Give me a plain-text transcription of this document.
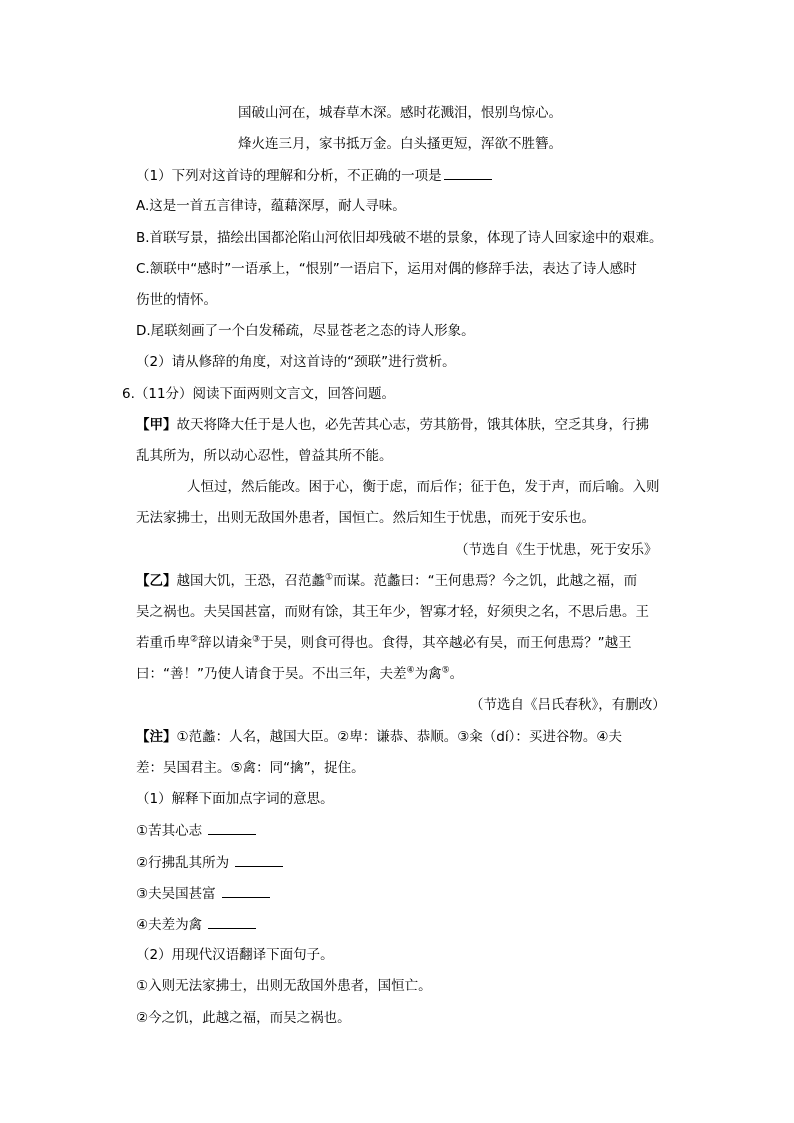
国破山河在，城春草木深。感时花溅泪，恨别鸟惊心。
烽火连三月，家书抵万金。白头搔更短，浑欲不胜簪。
（1）下列对这首诗的理解和分析，不正确的一项是
A.这是一首五言律诗，蕴藉深厚，耐人寻味。
B.首联写景，描绘出国都沦陷山河依旧却残破不堪的景象，体现了诗人回家途中的艰难。
C.颔联中“感时”一语承上，“恨别”一语启下，运用对偶的修辞手法，表达了诗人感时
伤世的情怀。
D.尾联刻画了一个白发稀疏，尽显苍老之态的诗人形象。
（2）请从修辞的角度，对这首诗的“颈联”进行赏析。
6.（11分）阅读下面两则文言文，回答问题。
【甲】故天将降大任于是人也，必先苦其心志，劳其筋骨，饿其体肤，空乏其身，行拂
乱其所为，所以动心忍性，曾益其所不能。
人恒过，然后能改。困于心，衡于虑，而后作；征于色，发于声，而后喻。入则
无法家拂士，出则无敌国外患者，国恒亡。然后知生于忧患，而死于安乐也。
（节选自《生于忧患，死于安乐》
【乙】越国大饥，王恐，召范蠡①而谋。范蠡曰：“王何患焉？今之饥，此越之福，而
吴之祸也。夫吴国甚富，而财有馀，其王年少，智寡才轻，好须臾之名，不思后患。王
若重币卑②辞以请籴③于吴，则食可得也。食得，其卒越必有吴，而王何患焉？”越王
曰：“善！”乃使人请食于吴。不出三年，夫差④为禽⑤。
（节选自《吕氏春秋》，有删改）
【注】①范蠡：人名，越国大臣。②卑：谦恭、恭顺。③籴（dí）：买进谷物。④夫
差：吴国君主。⑤禽：同“擒”，捉住。
（1）解释下面加点字词的意思。
①苦其心志
②行拂乱其所为
③夫吴国甚富
④夫差为禽
（2）用现代汉语翻译下面句子。
①入则无法家拂士，出则无敌国外患者，国恒亡。
②今之饥，此越之福，而吴之祸也。
